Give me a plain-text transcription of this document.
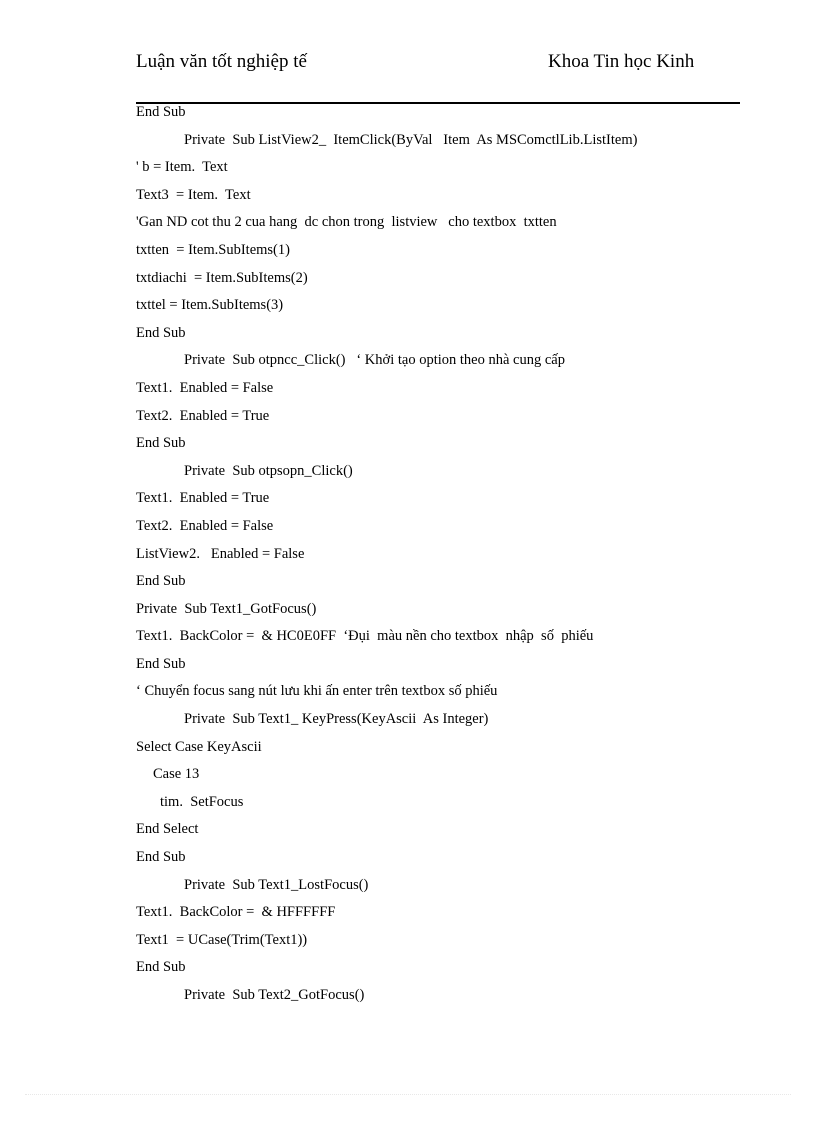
Luận văn tốt nghiệp tế	Khoa Tin học Kinh
End Sub
Private  Sub ListView2_  ItemClick(ByVal   Item  As MSComctlLib.ListItem)
' b = Item.  Text
Text3  = Item.  Text
'Gan ND cot thu 2 cua hang  dc chon trong  listview   cho textbox  txtten
txtten  = Item.SubItems(1)
txtdiachi  = Item.SubItems(2)
txttel = Item.SubItems(3)
End Sub
Private  Sub otpncc_Click()   ‘ Khởi tạo option theo nhà cung cấp
Text1.  Enabled = False
Text2.  Enabled = True
End Sub
Private  Sub otpsopn_Click()
Text1.  Enabled = True
Text2.  Enabled = False
ListView2.   Enabled = False
End Sub
Private  Sub Text1_GotFocus()
Text1.  BackColor =  & HC0E0FF  ‘Đụi  màu nền cho textbox  nhập  số  phiếu
End Sub
‘ Chuyển focus sang nút lưu khi ấn enter trên textbox số phiếu
Private  Sub Text1_ KeyPress(KeyAscii  As Integer)
Select Case KeyAscii
Case 13
tim.  SetFocus
End Select
End Sub
Private  Sub Text1_LostFocus()
Text1.  BackColor =  & HFFFFFF
Text1  = UCase(Trim(Text1))
End Sub
Private  Sub Text2_GotFocus()
